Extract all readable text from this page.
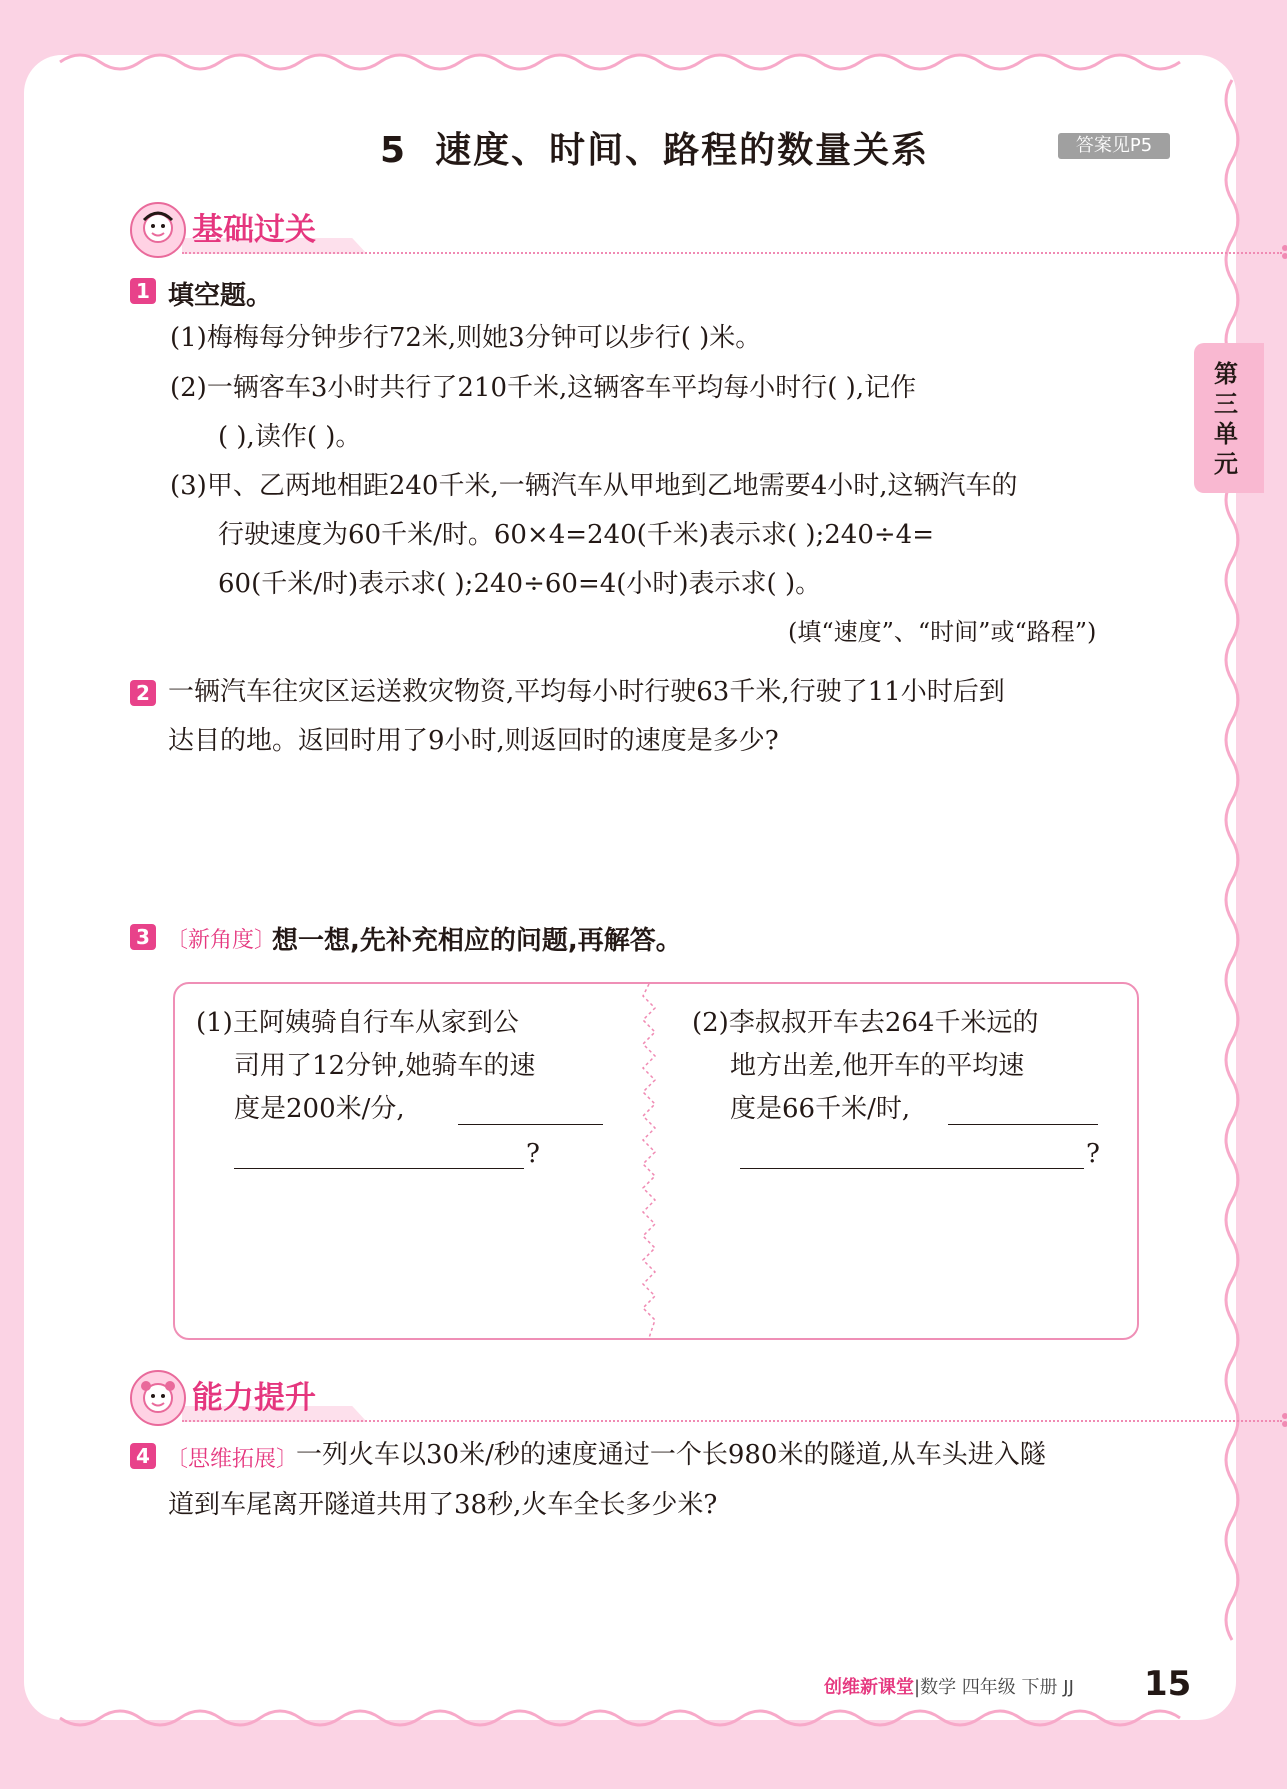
第
三
单
元
5 速度、时间、路程的数量关系	答案见P5
基础过关
1 填空题。
(1)梅梅每分钟步行72米,则她3分钟可以步行( )米。
(2)一辆客车3小时共行了210千米,这辆客车平均每小时行( ),记作
( ),读作( )。
(3)甲、乙两地相距240千米,一辆汽车从甲地到乙地需要4小时,这辆汽车的
行驶速度为60千米/时。60×4=240(千米)表示求( );240÷4=
60(千米/时)表示求( );240÷60=4(小时)表示求( )。
(填“速度”、“时间”或“路程”)
2 一辆汽车往灾区运送救灾物资,平均每小时行驶63千米,行驶了11小时后到
达目的地。返回时用了9小时,则返回时的速度是多少?
3 〔新角度〕
想一想,先补充相应的问题,再解答。
(1)王阿姨骑自行车从家到公
司用了12分钟,她骑车的速
度是200米/分,
?
(2)李叔叔开车去264千米远的
地方出差,他开车的平均速
度是66千米/时,
?
能力提升
4 〔思维拓展〕
一列火车以30米/秒的速度通过一个长980米的隧道,从车头进入隧
道到车尾离开隧道共用了38秒,火车全长多少米?
创维新课堂|数学 四年级 下册 JJ 15
